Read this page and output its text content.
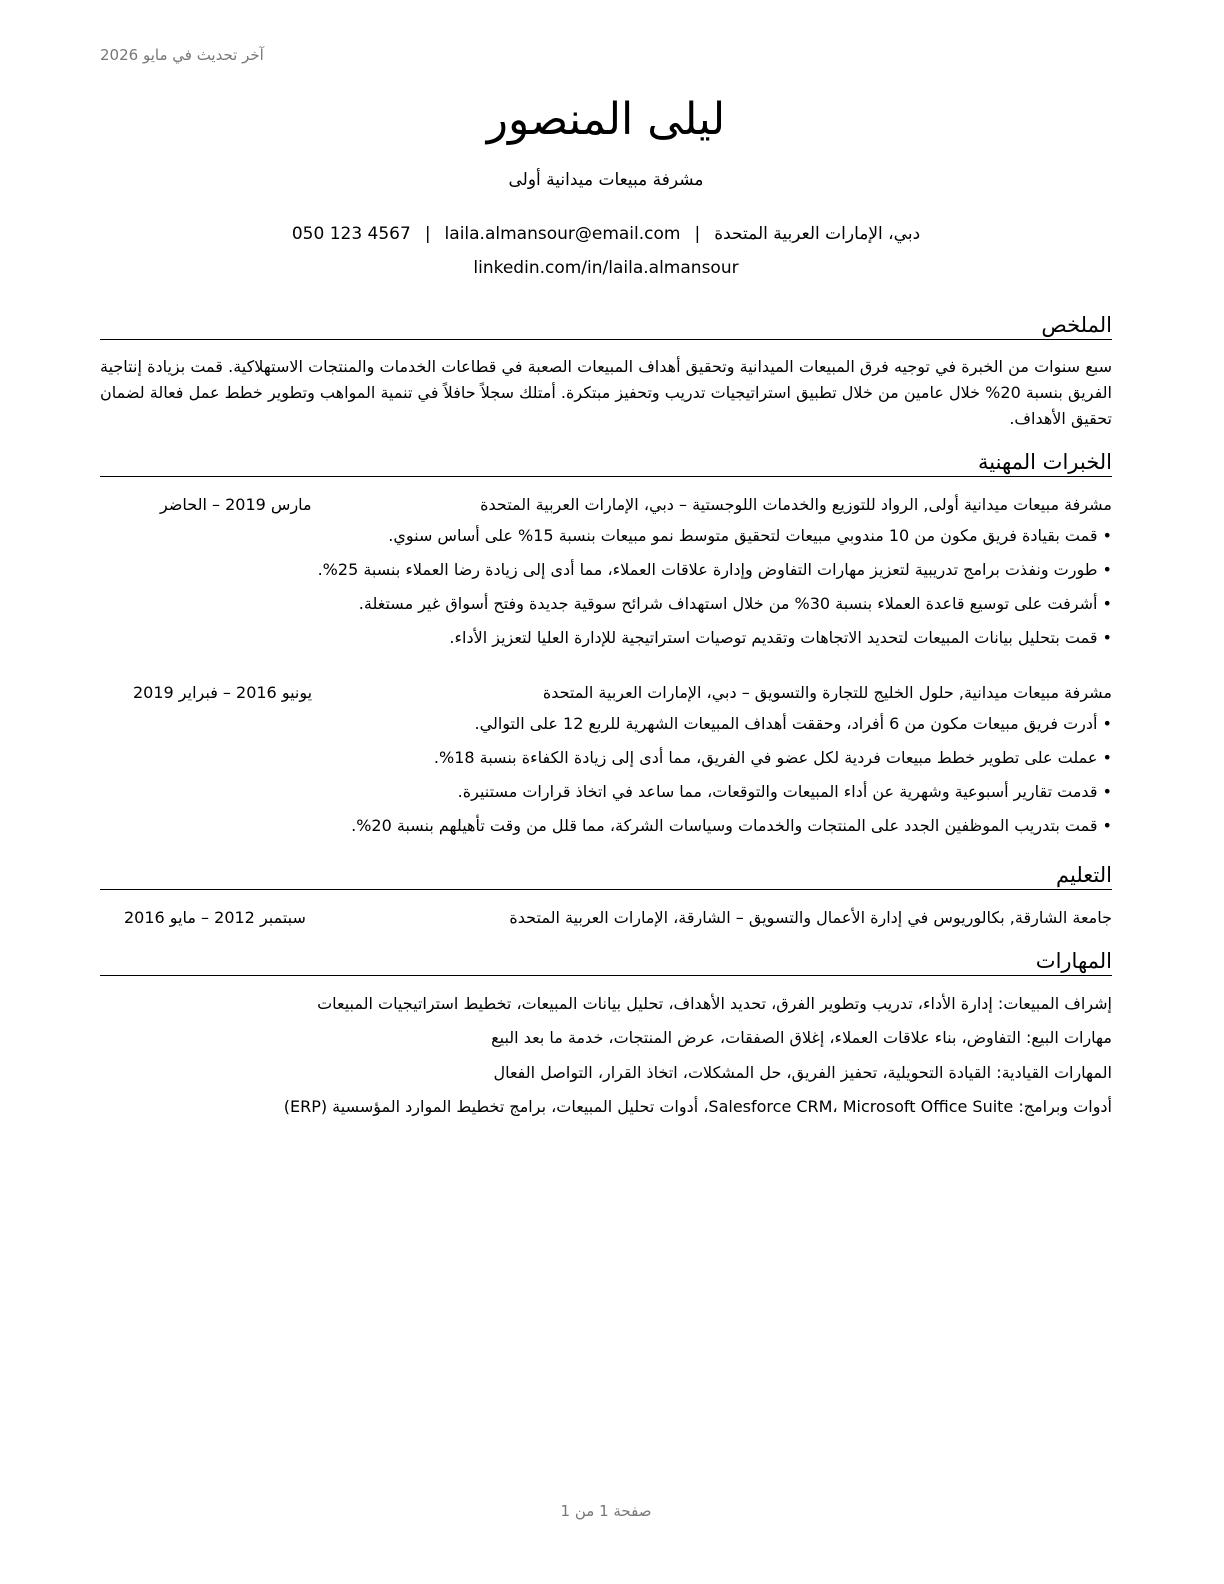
آخر تحديث في مايو 2026
ليلى المنصور
مشرفة مبيعات ميدانية أولى
دبي، الإمارات العربية المتحدة|laila.almansour@email.com|050 123 4567
linkedin.com/in/laila.almansour
الملخص

سبع سنوات من الخبرة في توجيه فرق المبيعات الميدانية وتحقيق أهداف المبيعات الصعبة في قطاعات الخدمات والمنتجات الاستهلاكية. قمت بزيادة إنتاجية الفريق بنسبة 20% خلال عامين من خلال تطبيق استراتيجيات تدريب وتحفيز مبتكرة. أمتلك سجلاً حافلاً في تنمية المواهب وتطوير خطط عمل فعالة لضمان تحقيق الأهداف.

الخبرات المهنية
مشرفة مبيعات ميدانية أولى, الرواد للتوزيع والخدمات اللوجستية – دبي، الإمارات العربية المتحدة
مارس 2019 – الحاضر
• قمت بقيادة فريق مكون من 10 مندوبي مبيعات لتحقيق متوسط نمو مبيعات بنسبة 15% على أساس سنوي.
• طورت ونفذت برامج تدريبية لتعزيز مهارات التفاوض وإدارة علاقات العملاء، مما أدى إلى زيادة رضا العملاء بنسبة 25%.
• أشرفت على توسيع قاعدة العملاء بنسبة 30% من خلال استهداف شرائح سوقية جديدة وفتح أسواق غير مستغلة.
• قمت بتحليل بيانات المبيعات لتحديد الاتجاهات وتقديم توصيات استراتيجية للإدارة العليا لتعزيز الأداء.
مشرفة مبيعات ميدانية, حلول الخليج للتجارة والتسويق – دبي، الإمارات العربية المتحدة
يونيو 2016 – فبراير 2019
• أدرت فريق مبيعات مكون من 6 أفراد، وحققت أهداف المبيعات الشهرية للربع 12 على التوالي.
• عملت على تطوير خطط مبيعات فردية لكل عضو في الفريق، مما أدى إلى زيادة الكفاءة بنسبة 18%.
• قدمت تقارير أسبوعية وشهرية عن أداء المبيعات والتوقعات، مما ساعد في اتخاذ قرارات مستنيرة.
• قمت بتدريب الموظفين الجدد على المنتجات والخدمات وسياسات الشركة، مما قلل من وقت تأهيلهم بنسبة 20%.
التعليم
جامعة الشارقة, بكالوريوس في إدارة الأعمال والتسويق – الشارقة، الإمارات العربية المتحدة
سبتمبر 2012 – مايو 2016
المهارات
إشراف المبيعات: إدارة الأداء، تدريب وتطوير الفرق، تحديد الأهداف، تحليل بيانات المبيعات، تخطيط استراتيجيات المبيعات
مهارات البيع: التفاوض، بناء علاقات العملاء، إغلاق الصفقات، عرض المنتجات، خدمة ما بعد البيع
المهارات القيادية: القيادة التحويلية، تحفيز الفريق، حل المشكلات، اتخاذ القرار، التواصل الفعال
أدوات وبرامج: Salesforce CRM، Microsoft Office Suite، أدوات تحليل المبيعات، برامج تخطيط الموارد المؤسسية (ERP)
صفحة 1 من 1
